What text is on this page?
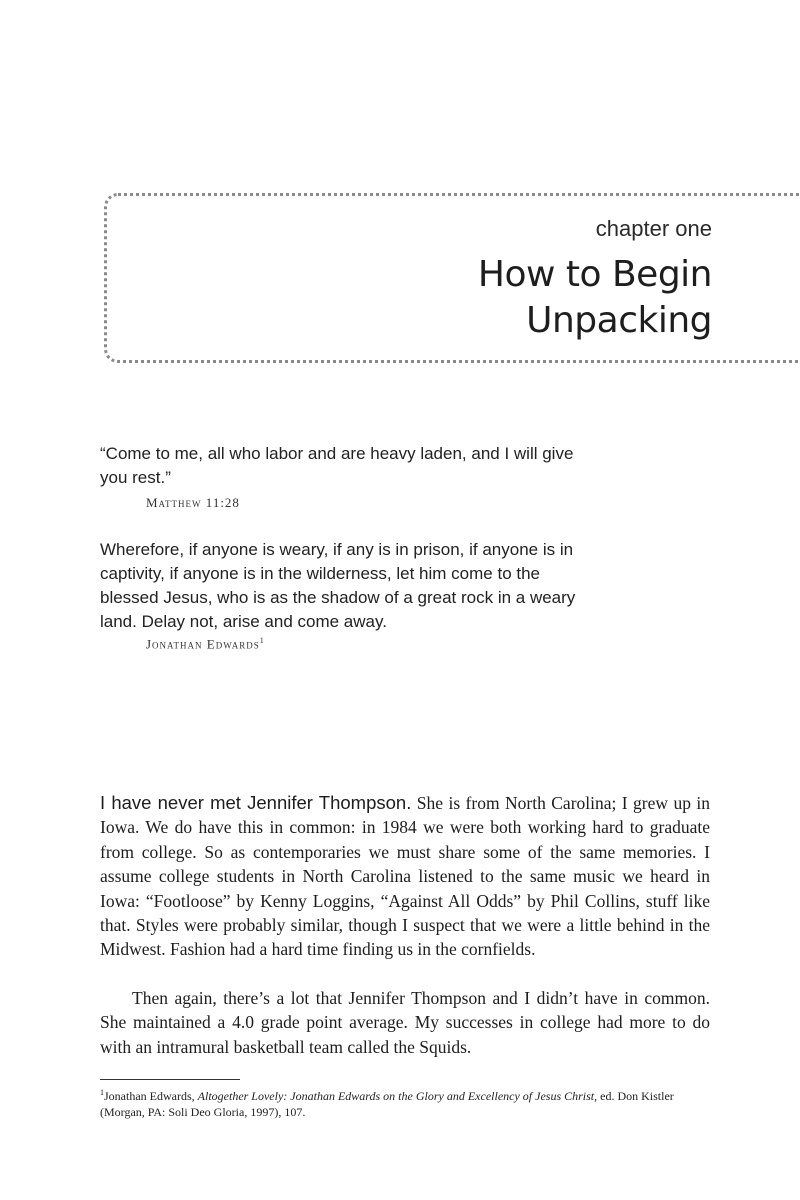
chapter one

How to Begin Unpacking

“Come to me, all who labor and are heavy laden, and I will give you rest.”

Matthew 11:28

Wherefore, if anyone is weary, if any is in prison, if anyone is in captivity, if anyone is in the wilderness, let him come to the blessed Jesus, who is as the shadow of a great rock in a weary land. Delay not, arise and come away.

Jonathan Edwards$^1$

I have never met Jennifer Thompson. She is from North Carolina; I grew up in Iowa. We do have this in common: in 1984 we were both working hard to graduate from college. So as contemporaries we must share some of the same memories. I assume college students in North Carolina listened to the same music we heard in Iowa: “Footloose” by Kenny Loggins, “Against All Odds” by Phil Collins, stuff like that. Styles were probably similar, though I suspect that we were a little behind in the Midwest. Fashion had a hard time finding us in the cornfields.

Then again, there’s a lot that Jennifer Thompson and I didn’t have in common. She maintained a 4.0 grade point average. My successes in college had more to do with an intramural basketball team called the Squids.

$^1$Jonathan Edwards, Altogether Lovely: Jonathan Edwards on the Glory and Excellency of Jesus Christ, ed. Don Kistler (Morgan, PA: Soli Deo Gloria, 1997), 107.
